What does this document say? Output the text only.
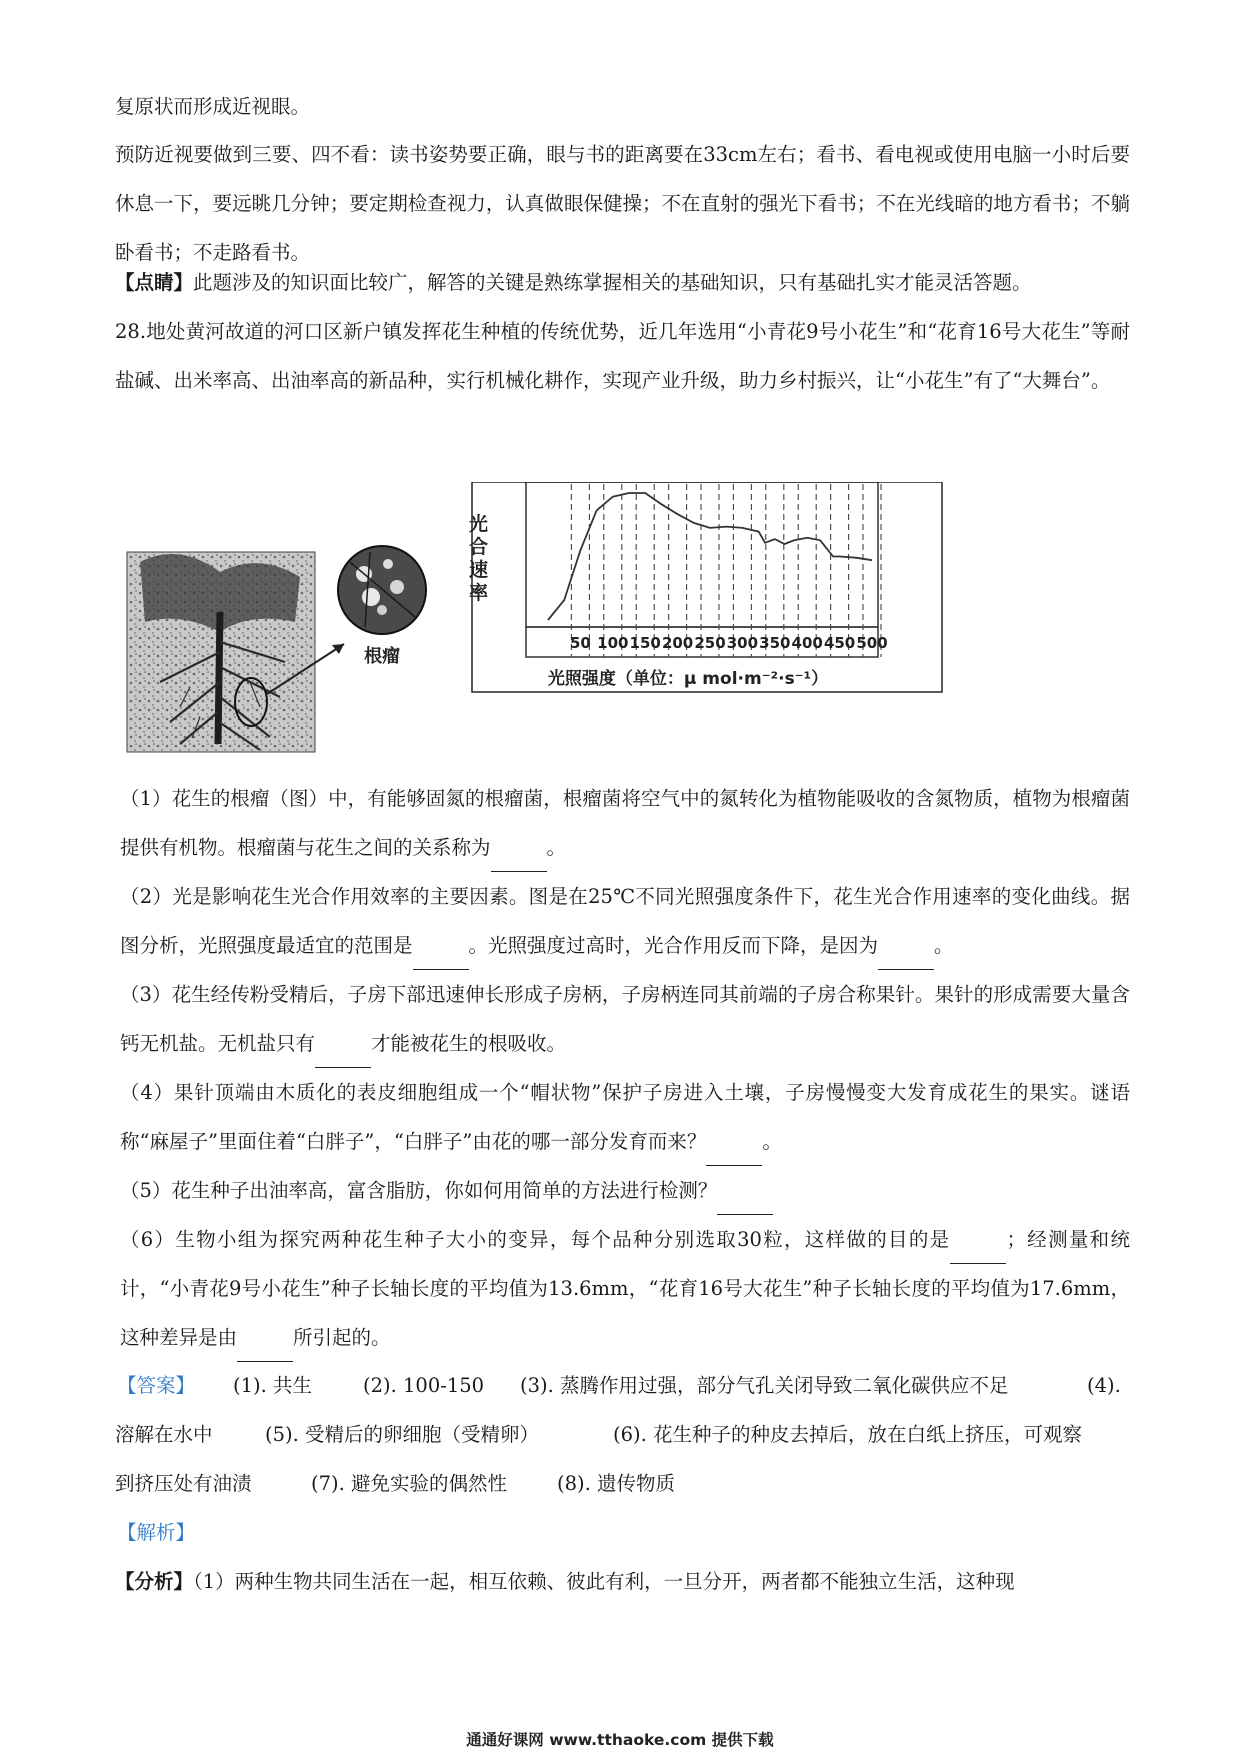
复原状而形成近视眼。

预防近视要做到三要、四不看：读书姿势要正确，眼与书的距离要在33cm左右；看书、看电视或使用电脑一小时后要休息一下，要远眺几分钟；要定期检查视力，认真做眼保健操；不在直射的强光下看书；不在光线暗的地方看书；不躺卧看书；不走路看书。

【点睛】此题涉及的知识面比较广，解答的关键是熟练掌握相关的基础知识，只有基础扎实才能灵活答题。

28.地处黄河故道的河口区新户镇发挥花生种植的传统优势，近几年选用“小青花9号小花生”和“花育16号大花生”等耐盐碱、出米率高、出油率高的新品种，实行机械化耕作，实现产业升级，助力乡村振兴，让“小花生”有了“大舞台”。

根瘤
光合速率
50 100 150 200 250 300 350 400 450 500
光照强度（单位：μ mol·m⁻²·s⁻¹）

（1）花生的根瘤（图）中，有能够固氮的根瘤菌，根瘤菌将空气中的氮转化为植物能吸收的含氮物质，植物为根瘤菌提供有机物。根瘤菌与花生之间的关系称为	。

（2）光是影响花生光合作用效率的主要因素。图是在25℃不同光照强度条件下，花生光合作用速率的变化曲线。据图分析，光照强度最适宜的范围是	。光照强度过高时，光合作用反而下降，是因为	。

（3）花生经传粉受精后，子房下部迅速伸长形成子房柄，子房柄连同其前端的子房合称果针。果针的形成需要大量含钙无机盐。无机盐只有	才能被花生的根吸收。

（4）果针顶端由木质化的表皮细胞组成一个“帽状物”保护子房进入土壤，子房慢慢变大发育成花生的果实。谜语称“麻屋子”里面住着“白胖子”，“白胖子”由花的哪一部分发育而来？	。

（5）花生种子出油率高，富含脂肪，你如何用简单的方法进行检测？

（6）生物小组为探究两种花生种子大小的变异，每个品种分别选取30粒，这样做的目的是	；经测量和统计，“小青花9号小花生”种子长轴长度的平均值为13.6mm，“花育16号大花生”种子长轴长度的平均值为17.6mm，这种差异是由	所引起的。

【答案】 (1). 共生	(2). 100-150 (3). 蒸腾作用过强，部分气孔关闭导致二氧化碳供应不足	(4).
溶解在水中	(5). 受精后的卵细胞（受精卵）	(6). 花生种子的种皮去掉后，放在白纸上挤压，可观察
到挤压处有油渍	(7). 避免实验的偶然性	(8). 遗传物质
【解析】

【分析】（1）两种生物共同生活在一起，相互依赖、彼此有利，一旦分开，两者都不能独立生活，这种现

通通好课网 www.tthaoke.com 提供下载
